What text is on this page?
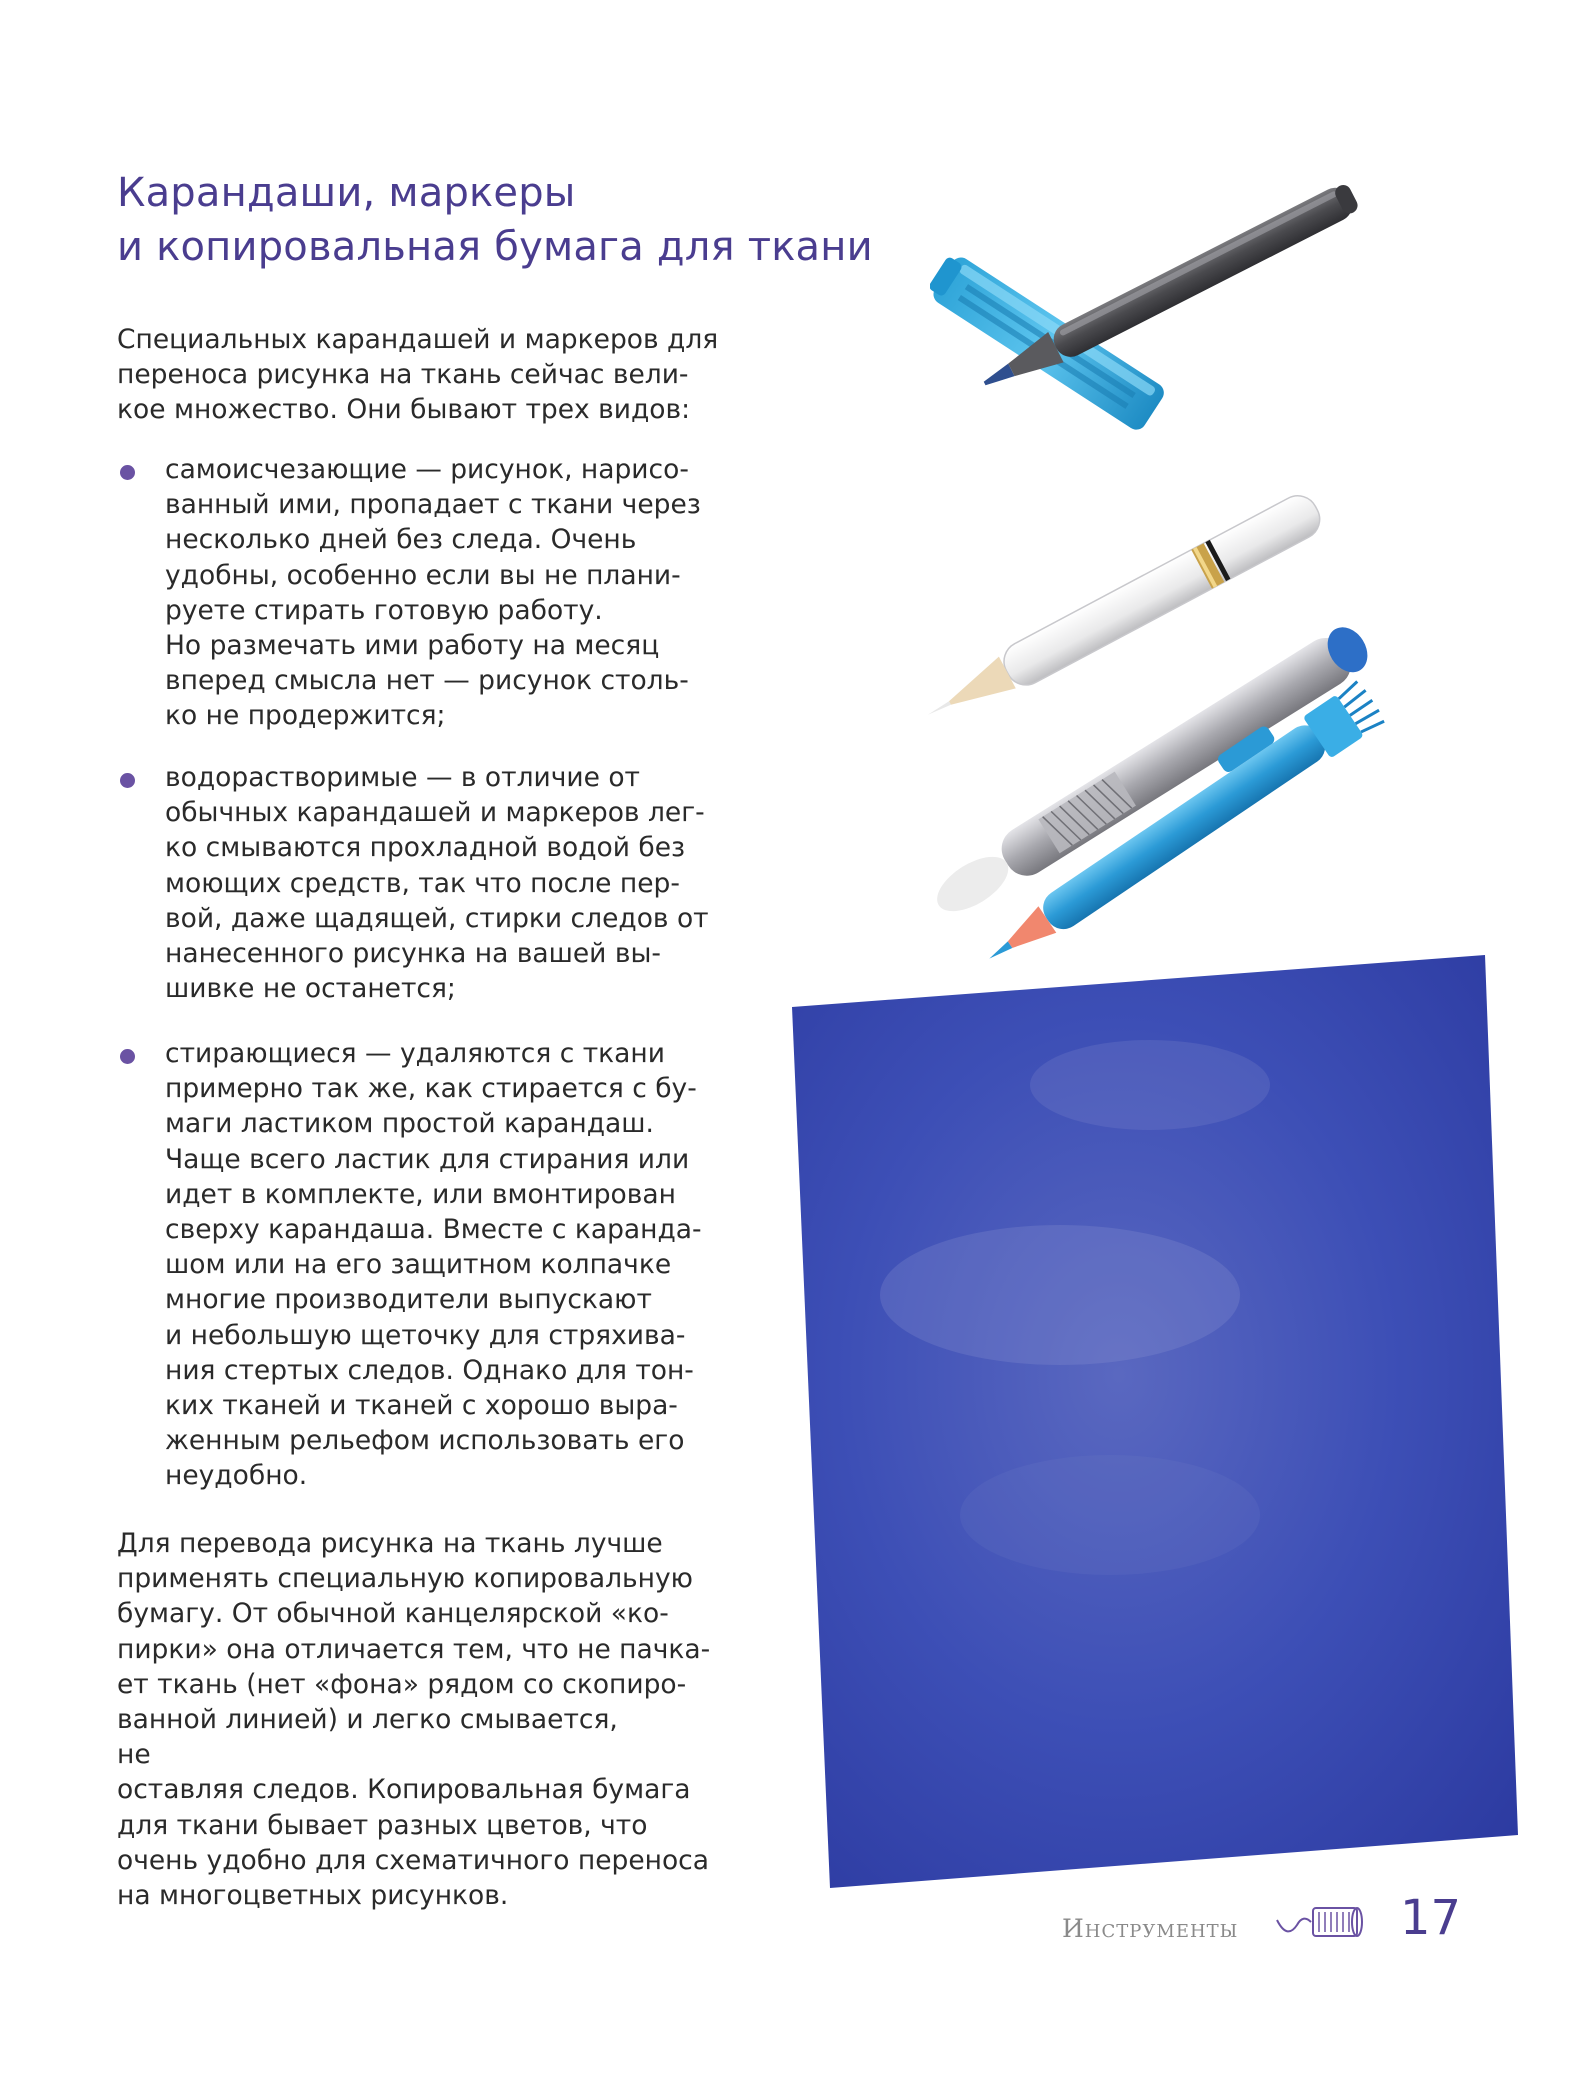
Карандаши, маркеры
и копировальная бумага для ткани
Специальных карандашей и маркеров для
переноса рисунка на ткань сейчас вели-
кое множество. Они бывают трех видов:
самоисчезающие — рисунок, нарисо-
ванный ими, пропадает с ткани через
несколько дней без следа. Очень
удобны, особенно если вы не плани-
руете стирать готовую работу.
Но размечать ими работу на месяц
вперед смысла нет — рисунок столь-
ко не продержится;
водорастворимые — в отличие от
обычных карандашей и маркеров лег-
ко смываются прохладной водой без
моющих средств, так что после пер-
вой, даже щадящей, стирки следов от
нанесенного рисунка на вашей вы-
шивке не останется;
стирающиеся — удаляются с ткани
примерно так же, как стирается с бу-
маги ластиком простой карандаш.
Чаще всего ластик для стирания или
идет в комплекте, или вмонтирован
сверху карандаша. Вместе с каранда-
шом или на его защитном колпачке
многие производители выпускают
и небольшую щеточку для стряхива-
ния стертых следов. Однако для тон-
ких тканей и тканей с хорошо выра-
женным рельефом использовать его
неудобно.
Для перевода рисунка на ткань лучше
применять специальную копировальную
бумагу. От обычной канцелярской «ко-
пирки» она отличается тем, что не пачка-
ет ткань (нет «фона» рядом со скопиро-
ванной линией) и легко смывается,
не
оставляя следов. Копировальная бумага
для ткани бывает разных цветов, что
очень удобно для схематичного переноса
на многоцветных рисунков.
Инструменты	17
